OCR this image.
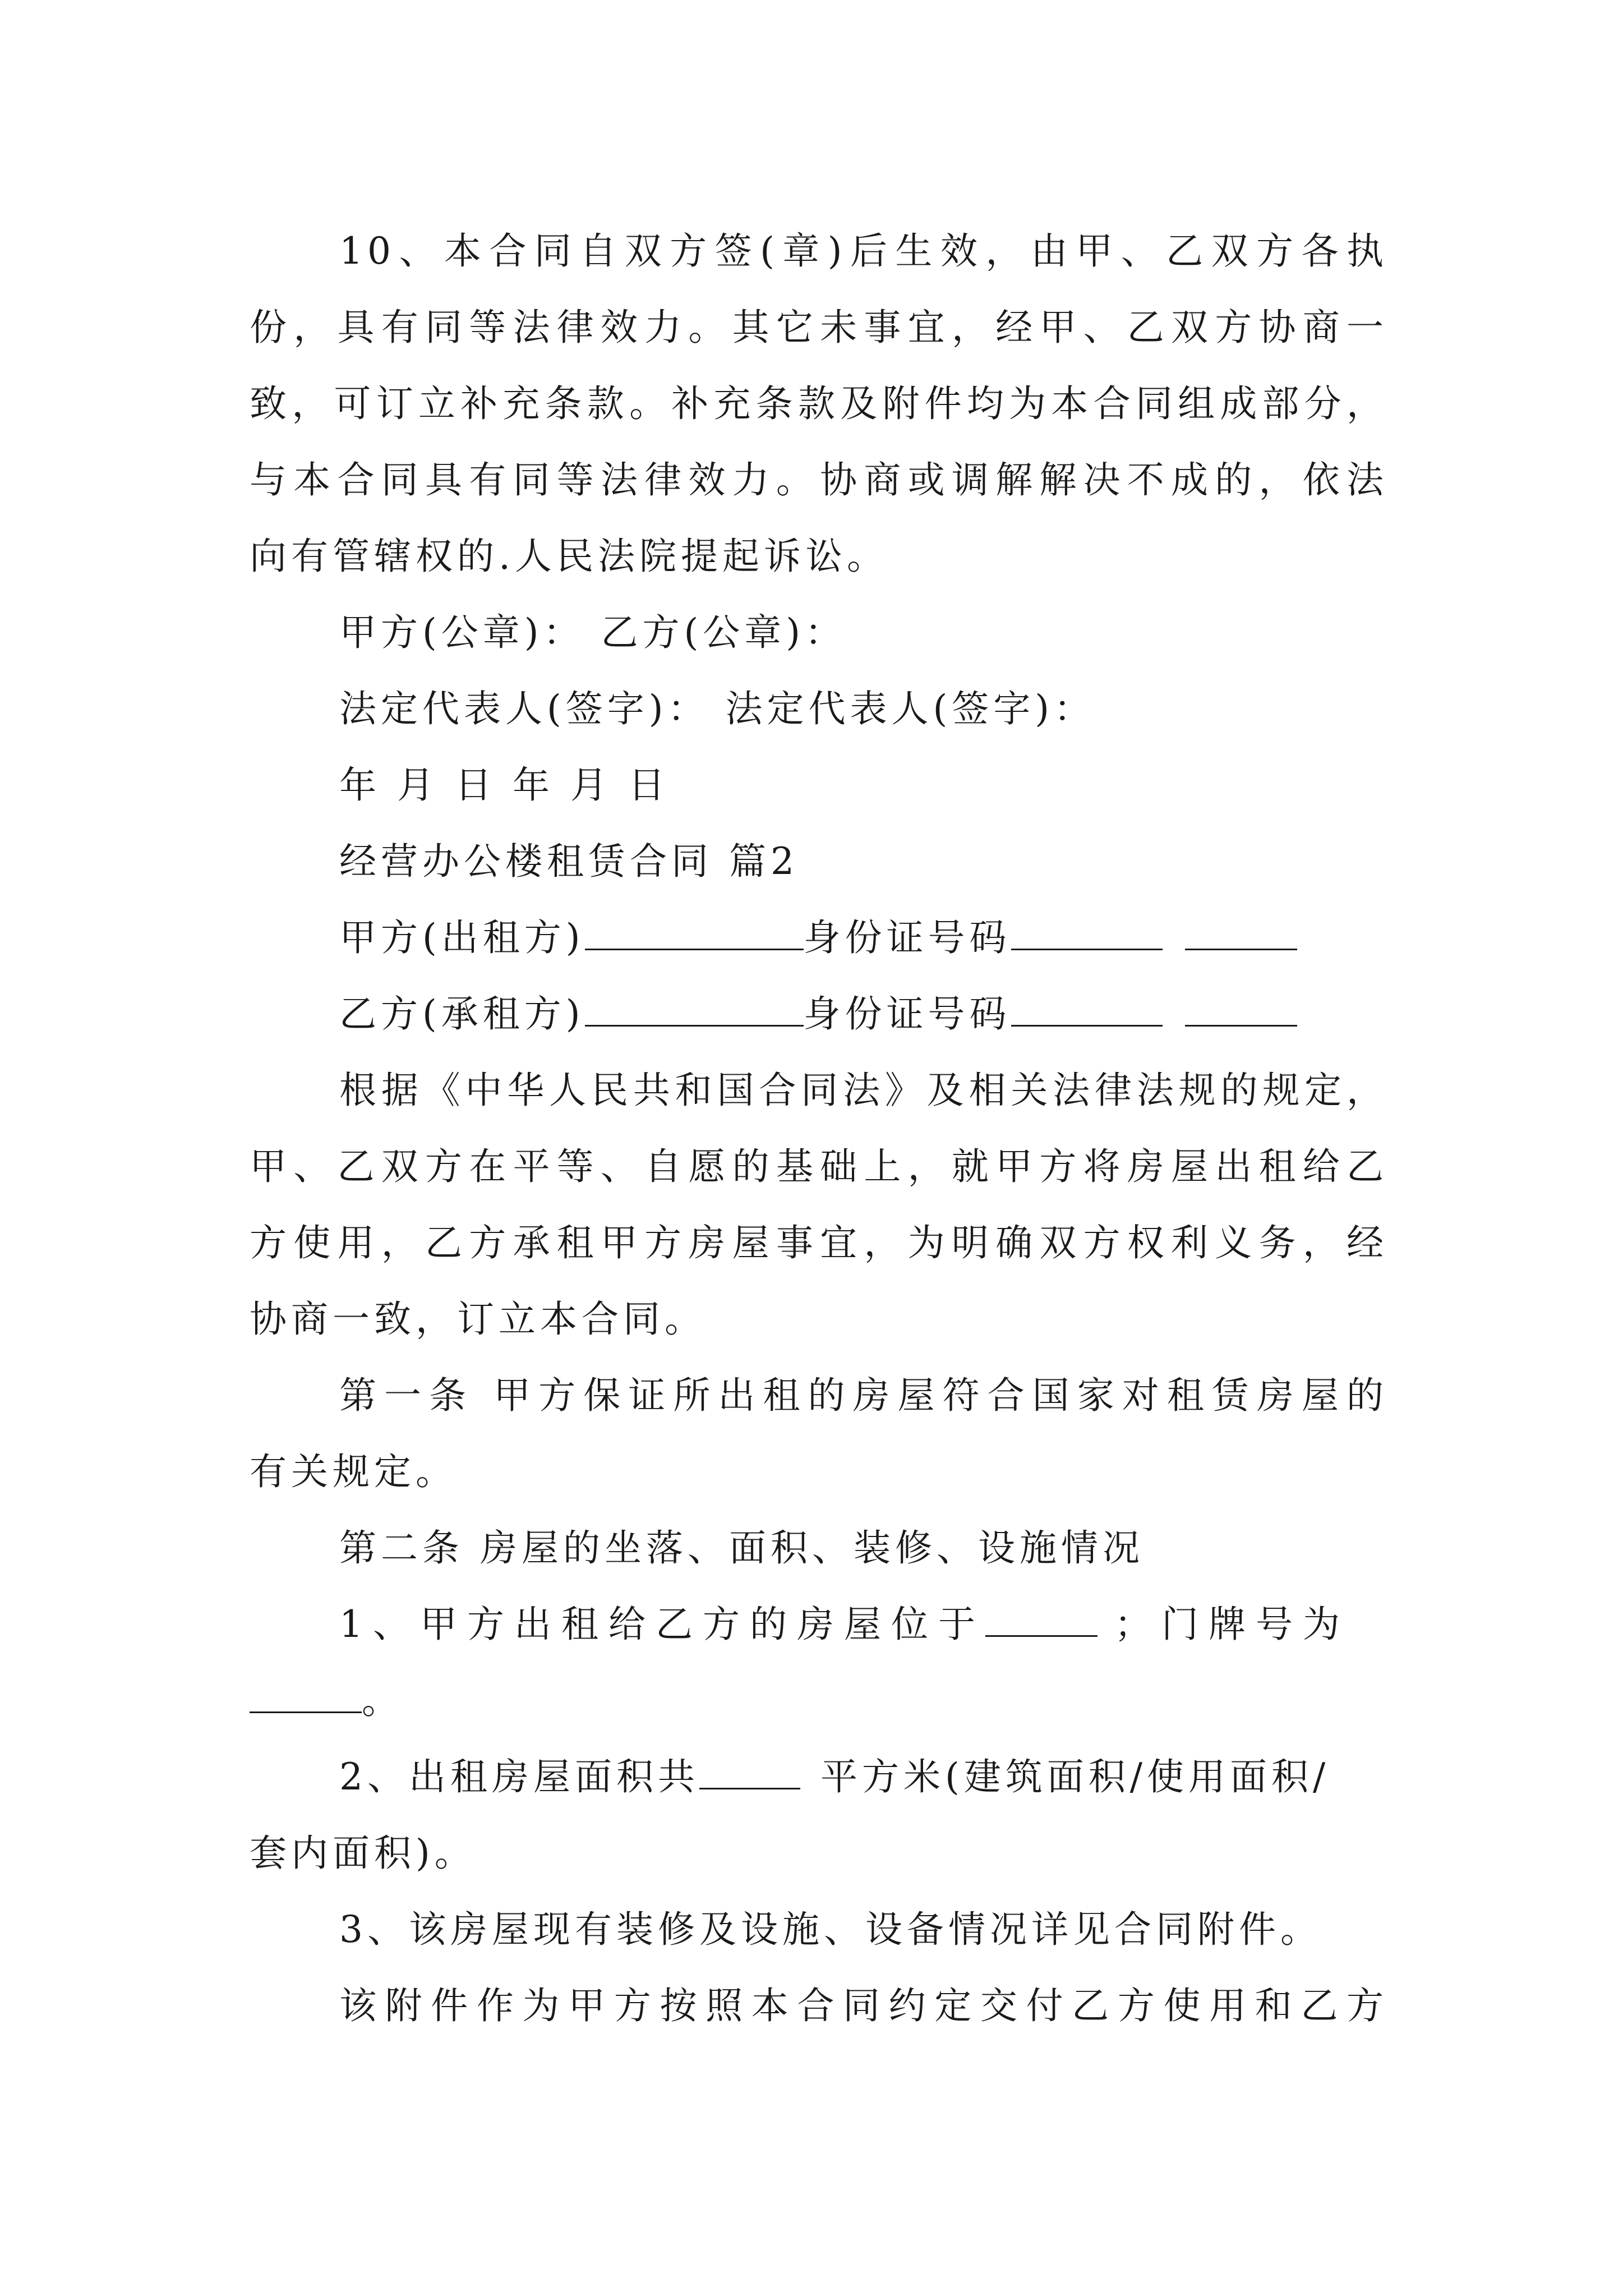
10、本合同自双方签(章)后生效，由甲、乙双方各执
份，具有同等法律效力。其它未事宜，经甲、乙双方协商一
致，可订立补充条款。补充条款及附件均为本合同组成部分，
与本合同具有同等法律效力。协商或调解解决不成的，依法
向有管辖权的.人民法院提起诉讼。
甲方(公章)： 乙方(公章)：
法定代表人(签字)： 法定代表人(签字)：
年 月 日 年 月 日
经营办公楼租赁合同 篇2
甲方(出租方)	身份证号码
乙方(承租方)	身份证号码
根据《中华人民共和国合同法》及相关法律法规的规定，
甲、乙双方在平等、自愿的基础上，就甲方将房屋出租给乙
方使用，乙方承租甲方房屋事宜，为明确双方权利义务，经
协商一致，订立本合同。
第一条 甲方保证所出租的房屋符合国家对租赁房屋的
有关规定。
第二条 房屋的坐落、面积、装修、设施情况
1、甲方出租给乙方的房屋位于	；门牌号为
。
2、出租房屋面积共	平方米(建筑面积/使用面积/
套内面积)。
3、该房屋现有装修及设施、设备情况详见合同附件。
该附件作为甲方按照本合同约定交付乙方使用和乙方
